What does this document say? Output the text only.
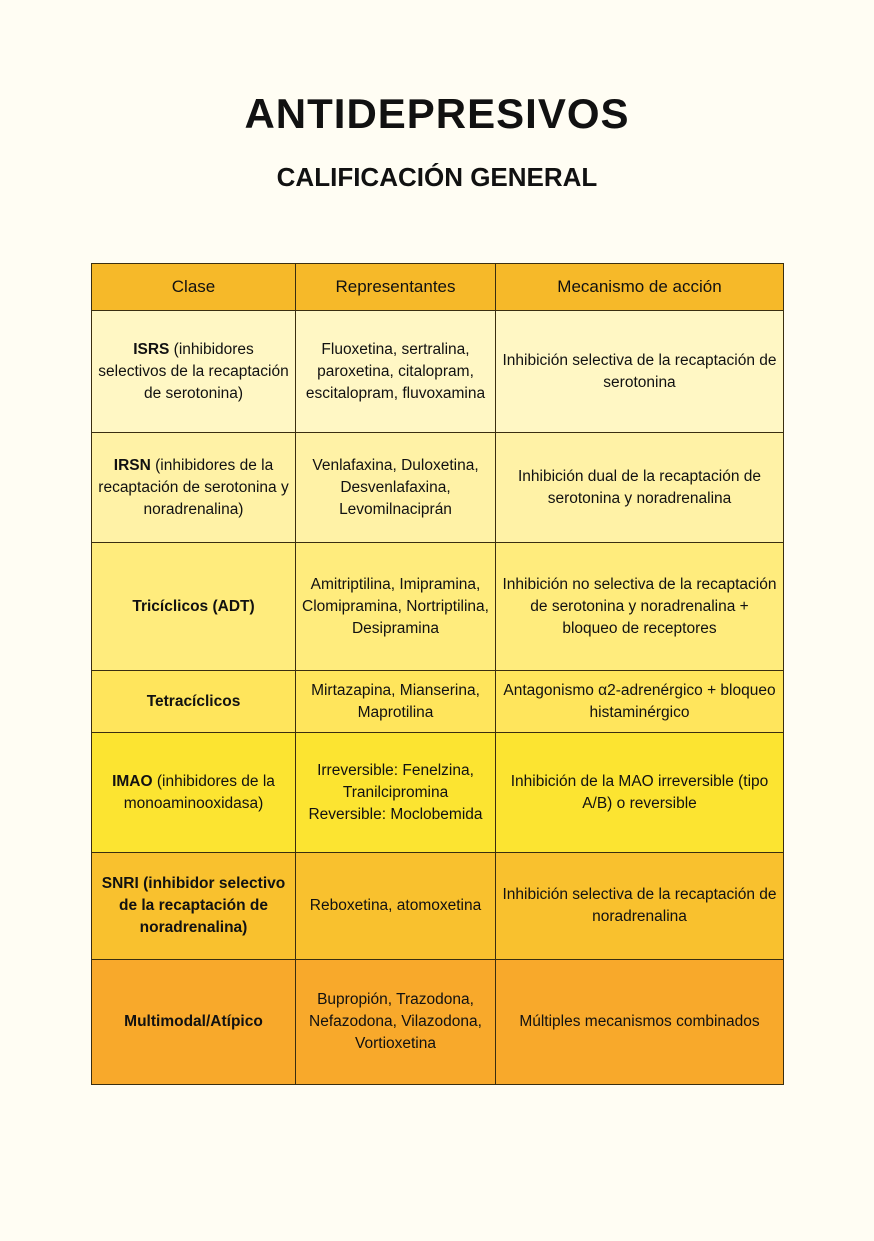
ANTIDEPRESIVOS
CALIFICACIÓN GENERAL
Clase	Representantes	Mecanismo de acción
ISRS (inhibidores selectivos de la recaptación de serotonina)	Fluoxetina, sertralina, paroxetina, citalopram, escitalopram, fluvoxamina	Inhibición selectiva de la recaptación de serotonina
IRSN (inhibidores de la recaptación de serotonina y noradrenalina)	Venlafaxina, Duloxetina, Desvenlafaxina, Levomilnaciprán	Inhibición dual de la recaptación de serotonina y noradrenalina
Tricíclicos (ADT)	Amitriptilina, Imipramina, Clomipramina, Nortriptilina, Desipramina	Inhibición no selectiva de la recaptación de serotonina y noradrenalina + bloqueo de receptores
Tetracíclicos	Mirtazapina, Mianserina, Maprotilina	Antagonismo α2-adrenérgico + bloqueo histaminérgico
IMAO (inhibidores de la monoaminooxidasa)	Irreversible: Fenelzina, Tranilcipromina Reversible: Moclobemida	Inhibición de la MAO irreversible (tipo A/B) o reversible
SNRI (inhibidor selectivo de la recaptación de noradrenalina)	Reboxetina, atomoxetina	Inhibición selectiva de la recaptación de noradrenalina
Multimodal/Atípico	Bupropión, Trazodona, Nefazodona, Vilazodona, Vortioxetina	Múltiples mecanismos combinados
